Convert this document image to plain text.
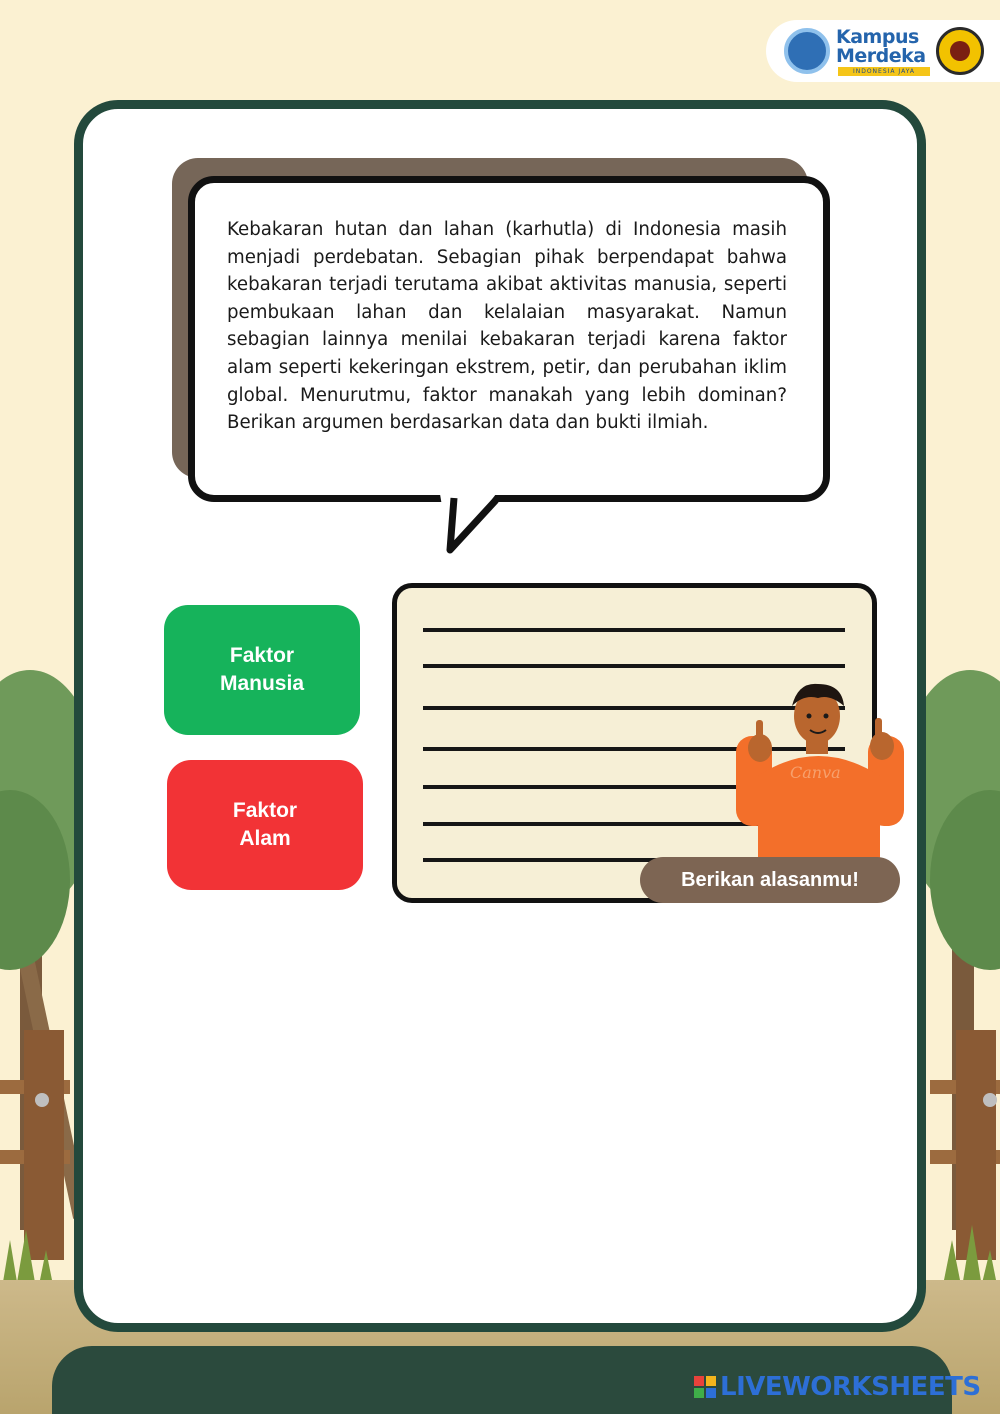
Kampus
Merdeka
INDONESIA JAYA

Kebakaran hutan dan lahan (karhutla) di Indonesia masih menjadi perdebatan. Sebagian pihak berpendapat bahwa kebakaran terjadi terutama akibat aktivitas manusia, seperti pembukaan lahan dan kelalaian masyarakat. Namun sebagian lainnya menilai kebakaran terjadi karena faktor alam seperti kekeringan ekstrem, petir, dan perubahan iklim global. Menurutmu, faktor manakah yang lebih dominan? Berikan argumen berdasarkan data dan bukti ilmiah.

Faktor
Manusia
Faktor
Alam
Canva
Berikan alasanmu!
LIVEWORKSHEETS
